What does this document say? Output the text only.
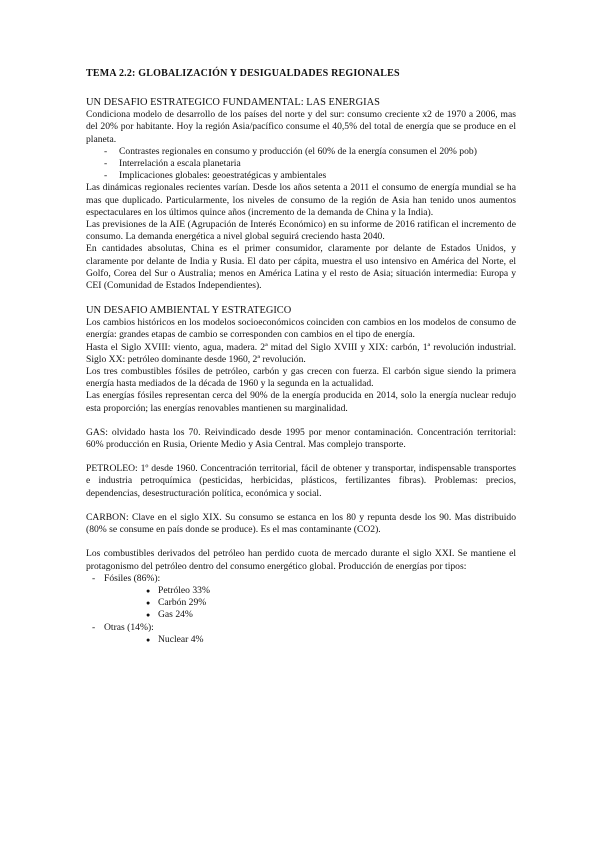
TEMA 2.2: GLOBALIZACIÓN Y DESIGUALDADES REGIONALES
UN DESAFIO ESTRATEGICO FUNDAMENTAL: LAS ENERGIAS

Condiciona modelo de desarrollo de los países del norte y del sur: consumo creciente x2 de 1970 a 2006, mas del 20% por habitante. Hoy la región Asia/pacífico consume el 40,5% del total de energía que se produce en el planeta.

- Contrastes regionales en consumo y producción (el 60% de la energía consumen el 20% pob)
- Interrelación a escala planetaria
- Implicaciones globales: geoestratégicas y ambientales

Las dinámicas regionales recientes varían. Desde los años setenta a 2011 el consumo de energía mundial se ha mas que duplicado. Particularmente, los niveles de consumo de la región de Asia han tenido unos aumentos espectaculares en los últimos quince años (incremento de la demanda de China y la India).

Las previsiones de la AIE (Agrupación de Interés Económico) en su informe de 2016 ratifican el incremento de consumo. La demanda energética a nivel global seguirá creciendo hasta 2040.

En cantidades absolutas, China es el primer consumidor, claramente por delante de Estados Unidos, y claramente por delante de India y Rusia. El dato per cápita, muestra el uso intensivo en América del Norte, el Golfo, Corea del Sur o Australia; menos en América Latina y el resto de Asia; situación intermedia: Europa y CEI (Comunidad de Estados Independientes).

UN DESAFIO AMBIENTAL Y ESTRATEGICO

Los cambios históricos en los modelos socioeconómicos coinciden con cambios en los modelos de consumo de energía: grandes etapas de cambio se corresponden con cambios en el tipo de energía.

Hasta el Siglo XVIII: viento, agua, madera. 2ª mitad del Siglo XVIII y XIX: carbón, 1ª revolución industrial. Siglo XX: petróleo dominante desde 1960, 2ª revolución.

Los tres combustibles fósiles de petróleo, carbón y gas crecen con fuerza. El carbón sigue siendo la primera energía hasta mediados de la década de 1960 y la segunda en la actualidad.

Las energías fósiles representan cerca del 90% de la energía producida en 2014, solo la energía nuclear redujo esta proporción; las energías renovables mantienen su marginalidad.

GAS: olvidado hasta los 70. Reivindicado desde 1995 por menor contaminación. Concentración territorial: 60% producción en Rusia, Oriente Medio y Asia Central. Mas complejo transporte.

PETROLEO: 1º desde 1960. Concentración territorial, fácil de obtener y transportar, indispensable transportes e industria petroquímica (pesticidas, herbicidas, plásticos, fertilizantes fibras). Problemas: precios, dependencias, desestructuración política, económica y social.

CARBON: Clave en el siglo XIX. Su consumo se estanca en los 80 y repunta desde los 90. Mas distribuido (80% se consume en país donde se produce). Es el mas contaminante (CO2).

Los combustibles derivados del petróleo han perdido cuota de mercado durante el siglo XXI. Se mantiene el protagonismo del petróleo dentro del consumo energético global. Producción de energías por tipos:

- Fósiles (86%):
● Petróleo 33%
● Carbón 29%
● Gas 24%
- Otras (14%):
● Nuclear 4%
